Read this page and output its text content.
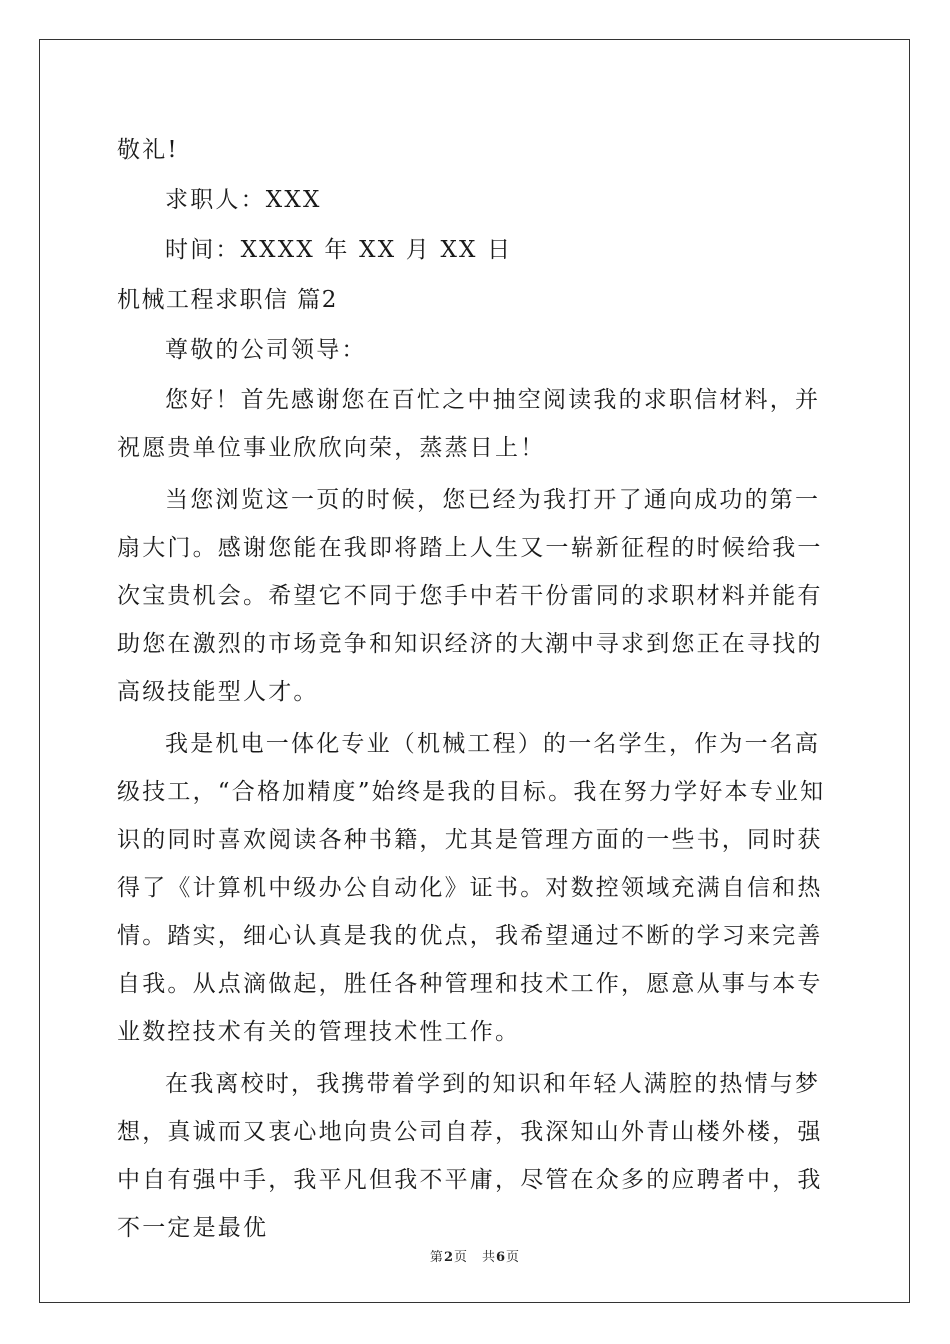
敬礼!

求职人：XXX

时间：XXXX 年 XX 月 XX 日

机械工程求职信 篇2

尊敬的公司领导：

您好！首先感谢您在百忙之中抽空阅读我的求职信材料，并祝愿贵单位事业欣欣向荣，蒸蒸日上！

当您浏览这一页的时候，您已经为我打开了通向成功的第一扇大门。感谢您能在我即将踏上人生又一崭新征程的时候给我一次宝贵机会。希望它不同于您手中若干份雷同的求职材料并能有助您在激烈的市场竞争和知识经济的大潮中寻求到您正在寻找的高级技能型人才。

我是机电一体化专业（机械工程）的一名学生，作为一名高级技工，“合格加精度”始终是我的目标。我在努力学好本专业知识的同时喜欢阅读各种书籍，尤其是管理方面的一些书，同时获得了《计算机中级办公自动化》证书。对数控领域充满自信和热情。踏实，细心认真是我的优点，我希望通过不断的学习来完善自我。从点滴做起，胜任各种管理和技术工作，愿意从事与本专业数控技术有关的管理技术性工作。

在我离校时，我携带着学到的知识和年轻人满腔的热情与梦想，真诚而又衷心地向贵公司自荐，我深知山外青山楼外楼，强中自有强中手，我平凡但我不平庸，尽管在众多的应聘者中，我不一定是最优

第2页　共6页
